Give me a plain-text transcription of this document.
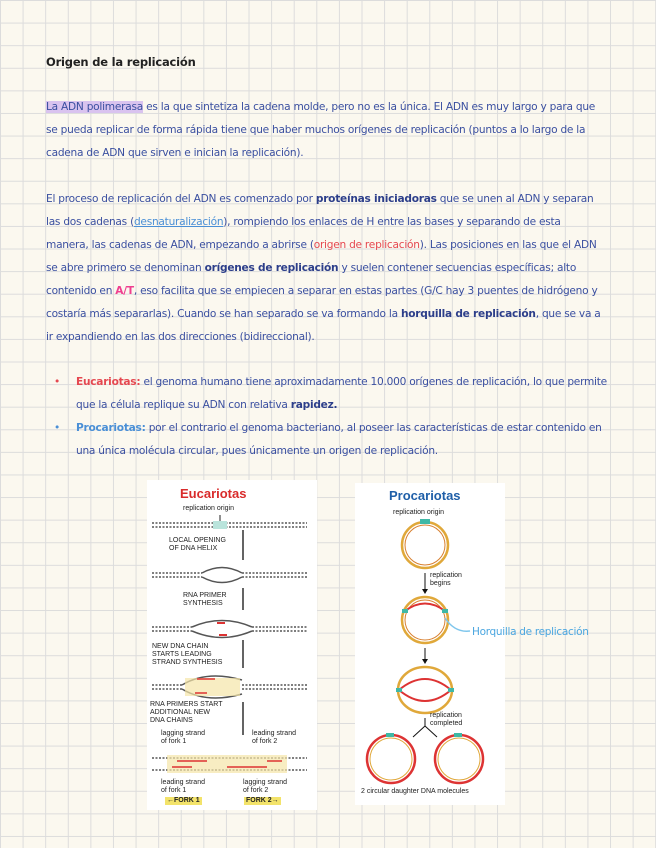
Origen de la replicación
La ADN polimerasa es la que sintetiza la cadena molde, pero no es la única. El ADN es muy largo y para que se pueda replicar de forma rápida tiene que haber muchos orígenes de replicación (puntos a lo largo de la cadena de ADN que sirven e inician la replicación).
El proceso de replicación del ADN es comenzado por proteínas iniciadoras que se unen al ADN y separan las dos cadenas (desnaturalización), rompiendo los enlaces de H entre las bases y separando de esta manera, las cadenas de ADN, empezando a abrirse (origen de replicación). Las posiciones en las que el ADN se abre primero se denominan orígenes de replicación y suelen contener secuencias específicas; alto contenido en A/T, eso facilita que se empiecen a separar en estas partes (G/C hay 3 puentes de hidrógeno y costaría más separarlas). Cuando se han separado se va formando la horquilla de replicación, que se va a ir expandiendo en las dos direcciones (bidireccional).
• Eucariotas: el genoma humano tiene aproximadamente 10.000 orígenes de replicación, lo que permite que la célula replique su ADN con relativa rapidez.
• Procariotas: por el contrario el genoma bacteriano, al poseer las características de estar contenido en una única molécula circular, pues únicamente un origen de replicación.
Eucariotas
replication origin
LOCAL OPENING
OF DNA HELIX
RNA PRIMER
SYNTHESIS
NEW DNA CHAIN
STARTS LEADING
STRAND SYNTHESIS
RNA PRIMERS START
ADDITIONAL NEW
DNA CHAINS
lagging strand
of fork 1
leading strand
of fork 2
leading strand
of fork 1
lagging strand
of fork 2
←FORK 1	FORK 2→
Procariotas
replication origin
replication
begins
replication
completed
2 circular daughter DNA molecules
Horquilla de replicación
